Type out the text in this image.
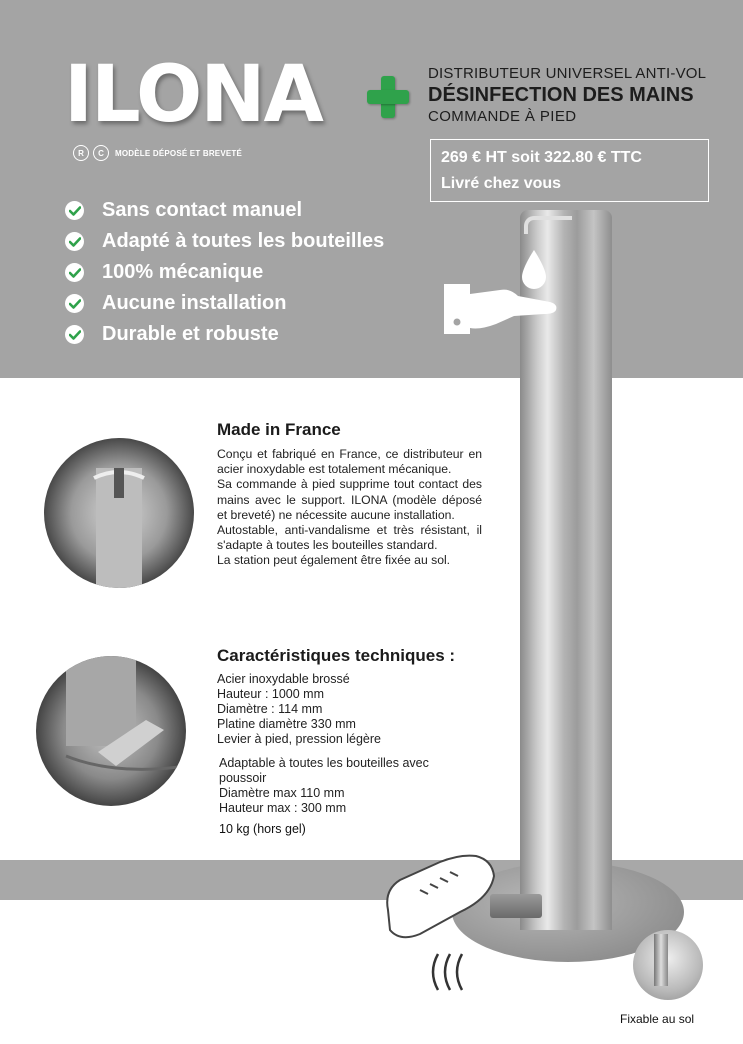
ILONA	DISTRIBUTEUR UNIVERSEL ANTI-VOL
DÉSINFECTION DES MAINS
COMMANDE À PIED
R	C	MODÈLE DÉPOSÉ ET BREVETÉ	269 € HT soit 322.80 € TTC
Livré chez vous
Sans contact manuel
Adapté à toutes les bouteilles
100% mécanique
Aucune installation
Durable et robuste
Made in France

Conçu et fabriqué en France, ce distributeur en acier inoxydable est totalement mécanique.

Sa commande à pied supprime tout contact des mains avec le support. ILONA (modèle déposé et breveté) ne nécessite aucune installation.

Autostable, anti-vandalisme et très résistant, il s'adapte à toutes les bouteilles standard.

La station peut également être fixée au sol.

Caractéristiques techniques :
Acier inoxydable brossé
Hauteur : 1000 mm
Diamètre : 114 mm
Platine diamètre 330 mm
Levier à pied, pression légère
Adaptable à toutes les bouteilles avec poussoir
Diamètre max 110 mm
Hauteur max : 300 mm
10 kg (hors gel)
Fixable au sol
